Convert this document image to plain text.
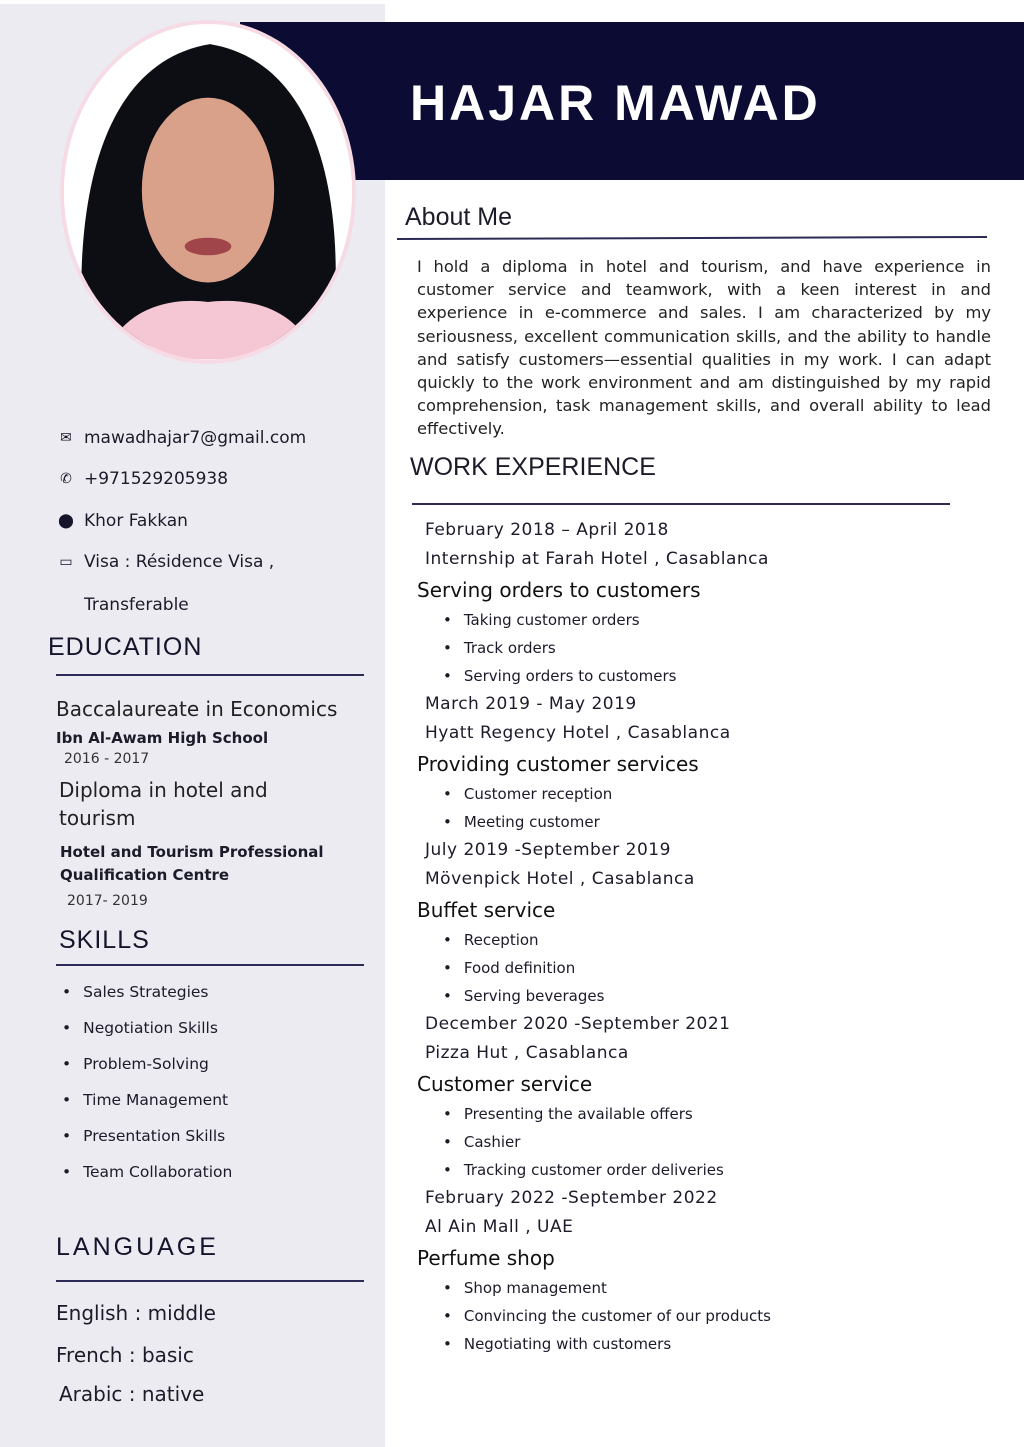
HAJAR MAWAD
✉ mawadhajar7@gmail.com
✆ +971529205938
⬤ Khor Fakkan
▭ Visa : Résidence Visa ,
Transferable
EDUCATION
Baccalaureate in Economics
Ibn Al-Awam High School
2016 - 2017
Diploma in hotel and tourism
Hotel and Tourism Professional Qualification Centre
2017- 2019
SKILLS
• Sales Strategies
• Negotiation Skills
• Problem-Solving
• Time Management
• Presentation Skills
• Team Collaboration
LANGUAGE
English : middle
French : basic
Arabic : native
About Me
I hold a diploma in hotel and tourism, and have experience in customer service and teamwork, with a keen interest in and experience in e-commerce and sales. I am characterized by my seriousness, excellent communication skills, and the ability to handle and satisfy customers—essential qualities in my work. I can adapt quickly to the work environment and am distinguished by my rapid comprehension, task management skills, and overall ability to lead effectively.
WORK EXPERIENCE
February 2018 – April 2018
Internship at Farah Hotel , Casablanca
Serving orders to customers
• Taking customer orders
• Track orders
• Serving orders to customers
March 2019 - May 2019
Hyatt Regency Hotel , Casablanca
Providing customer services
• Customer reception
• Meeting customer
July 2019 -September 2019
Mövenpick Hotel , Casablanca
Buffet service
• Reception
• Food definition
• Serving beverages
December 2020 -September 2021
Pizza Hut , Casablanca
Customer service
• Presenting the available offers
• Cashier
• Tracking customer order deliveries
February 2022 -September 2022
Al Ain Mall , UAE
Perfume shop
• Shop management
• Convincing the customer of our products
• Negotiating with customers
